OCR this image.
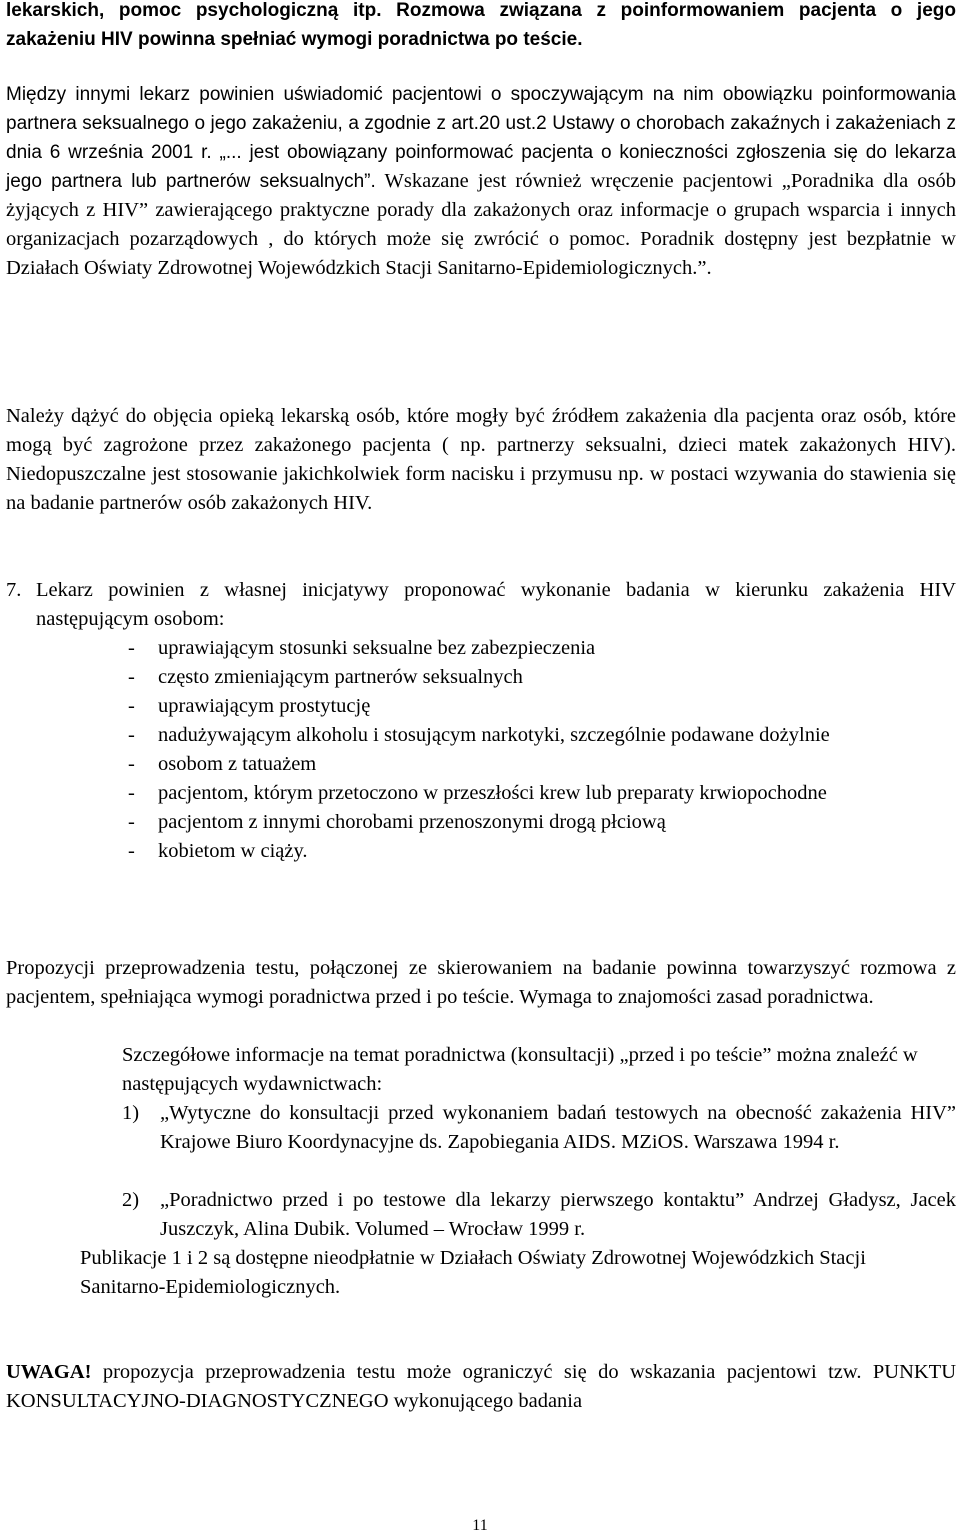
lekarskich, pomoc psychologiczną itp. Rozmowa związana z poinformowaniem pacjenta o jego zakażeniu HIV powinna spełniać wymogi poradnictwa po teście.

Między innymi lekarz powinien uświadomić pacjentowi o spoczywającym na nim obowiązku poinformowania partnera seksualnego o jego zakażeniu, a zgodnie z art.20 ust.2 Ustawy o chorobach zakaźnych i zakażeniach z dnia 6 września 2001 r. „... jest obowiązany poinformować pacjenta o konieczności zgłoszenia się do lekarza jego partnera lub partnerów seksualnych”. Wskazane jest również wręczenie pacjentowi „Poradnika dla osób żyjących z HIV” zawierającego praktyczne porady dla zakażonych oraz informacje o grupach wsparcia i innych organizacjach pozarządowych , do których może się zwrócić o pomoc. Poradnik dostępny jest bezpłatnie w Działach Oświaty Zdrowotnej Wojewódzkich Stacji Sanitarno-Epidemiologicznych.”.

Należy dążyć do objęcia opieką lekarską osób, które mogły być źródłem zakażenia dla pacjenta oraz osób, które mogą być zagrożone przez zakażonego pacjenta ( np. partnerzy seksualni, dzieci matek zakażonych HIV). Niedopuszczalne jest stosowanie jakichkolwiek form nacisku i przymusu np. w postaci wzywania do stawienia się na badanie partnerów osób zakażonych HIV.

7. Lekarz powinien z własnej inicjatywy proponować wykonanie badania w kierunku zakażenia HIV następującym osobom:

- uprawiającym stosunki seksualne bez zabezpieczenia
- często zmieniającym partnerów seksualnych
- uprawiającym prostytucję
- nadużywającym alkoholu i stosującym narkotyki, szczególnie podawane dożylnie
- osobom z tatuażem
- pacjentom, którym przetoczono w przeszłości krew lub preparaty krwiopochodne
- pacjentom z innymi chorobami przenoszonymi drogą płciową
- kobietom w ciąży.

Propozycji przeprowadzenia testu, połączonej ze skierowaniem na badanie powinna towarzyszyć rozmowa z pacjentem, spełniająca wymogi poradnictwa przed i po teście. Wymaga to znajomości zasad poradnictwa.

Szczegółowe informacje na temat poradnictwa (konsultacji) „przed i po teście” można znaleźć w następujących wydawnictwach:

1) „Wytyczne do konsultacji przed wykonaniem badań testowych na obecność zakażenia HIV” Krajowe Biuro Koordynacyjne ds. Zapobiegania AIDS. MZiOS. Warszawa 1994 r.
2) „Poradnictwo przed i po testowe dla lekarzy pierwszego kontaktu” Andrzej Gładysz, Jacek Juszczyk, Alina Dubik. Volumed – Wrocław 1999 r.

Publikacje 1 i 2 są dostępne nieodpłatnie w Działach Oświaty Zdrowotnej Wojewódzkich Stacji Sanitarno-Epidemiologicznych.

UWAGA! propozycja przeprowadzenia testu może ograniczyć się do wskazania pacjentowi tzw. PUNKTU KONSULTACYJNO-DIAGNOSTYCZNEGO wykonującego badania

11
